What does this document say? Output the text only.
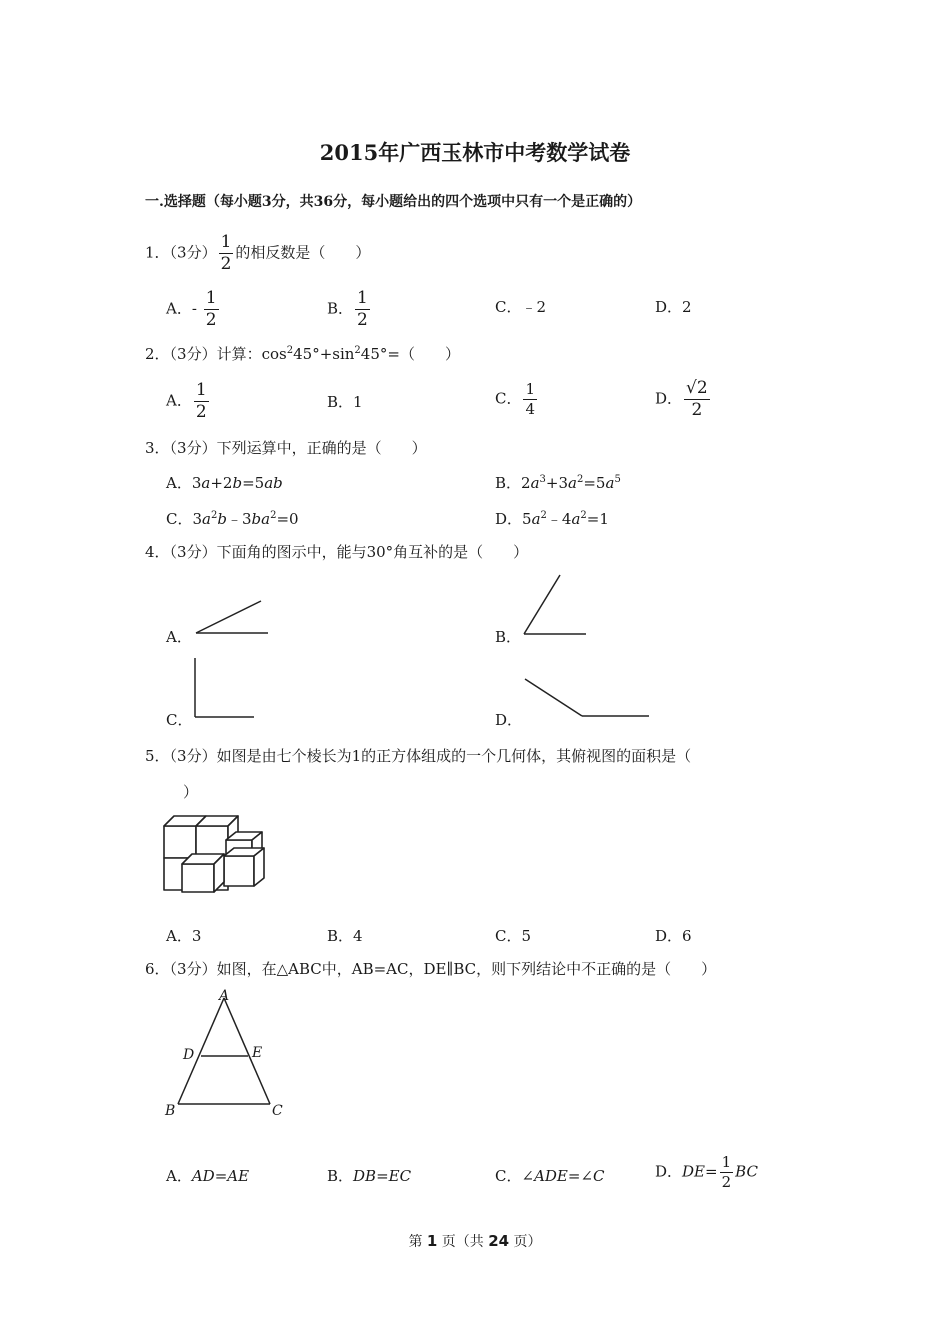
2015年广西玉林市中考数学试卷
一.选择题（每小题3分，共36分，每小题给出的四个选项中只有一个是正确的）
1．（3分） $\frac{1}{2}$ 的相反数是（　　）
A．- $\frac{1}{2}$	B． $\frac{1}{2}$	C．﹣2	D．2
2．（3分）计算：$\cos^245^\circ+\sin^245^\circ=$（　　）
A． $\frac{1}{2}$	B．1	C． $\frac{1}{4}$	D． $\frac{√2}{2}$
3．（3分）下列运算中，正确的是（　　）
A．3a+2b=5ab	B．$2a^3+3a^2=5a^5$
C．$3a^2b﹣3ba^2=0$	D．$5a^2﹣4a^2=1$
4．（3分）下面角的图示中，能与30°角互补的是（　　）
A．	B．
C．	D．
5．（3分）如图是由七个棱长为1的正方体组成的一个几何体，其俯视图的面积是（
）
A．3	B．4	C．5	D．6
6．（3分）如图，在△ABC中，AB=AC，DE∥BC，则下列结论中不正确的是（　　）
A
D	E
B	C
A．AD=AE	B．DB=EC	C．∠ADE=∠C	D．$DE= \frac{1}{2}$ BC
第 1 页（共 24 页）
